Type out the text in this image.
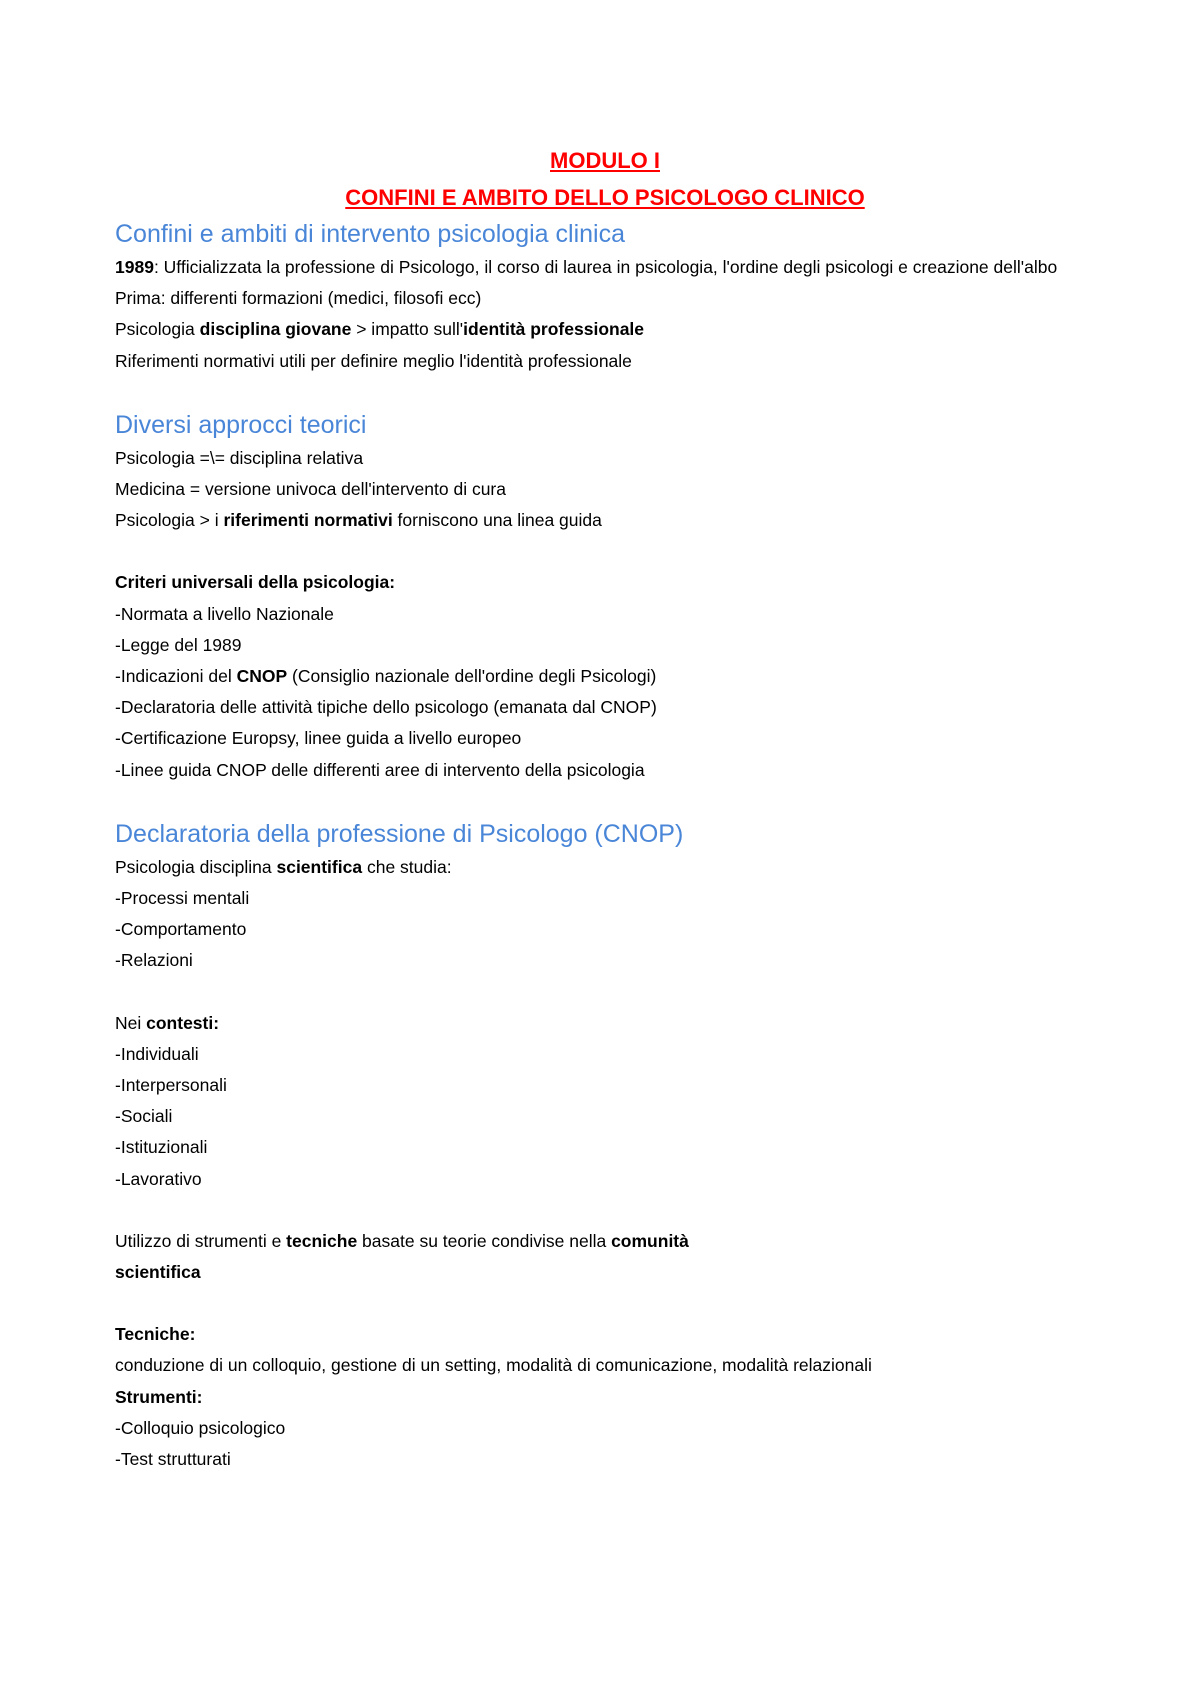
MODULO I

CONFINI E AMBITO DELLO PSICOLOGO CLINICO

Confini e ambiti di intervento psicologia clinica

1989: Ufficializzata la professione di Psicologo, il corso di laurea in psicologia, l'ordine degli psicologi e creazione dell'albo

Prima: differenti formazioni (medici, filosofi ecc)

Psicologia disciplina giovane > impatto sull'identità professionale

Riferimenti normativi utili per definire meglio l'identità professionale

Diversi approcci teorici

Psicologia =\= disciplina relativa

Medicina = versione univoca dell'intervento di cura

Psicologia > i riferimenti normativi forniscono una linea guida

Criteri universali della psicologia:

-Normata a livello Nazionale

-Legge del 1989

-Indicazioni del CNOP (Consiglio nazionale dell'ordine degli Psicologi)

-Declaratoria delle attività tipiche dello psicologo (emanata dal CNOP)

-Certificazione Europsy, linee guida a livello europeo

-Linee guida CNOP delle differenti aree di intervento della psicologia

Declaratoria della professione di Psicologo (CNOP)

Psicologia disciplina scientifica che studia:

-Processi mentali

-Comportamento

-Relazioni

Nei contesti:

-Individuali

-Interpersonali

-Sociali

-Istituzionali

-Lavorativo

Utilizzo di strumenti e tecniche basate su teorie condivise nella comunità

scientifica

Tecniche:

conduzione di un colloquio, gestione di un setting, modalità di comunicazione, modalità relazionali

Strumenti:

-Colloquio psicologico

-Test strutturati
